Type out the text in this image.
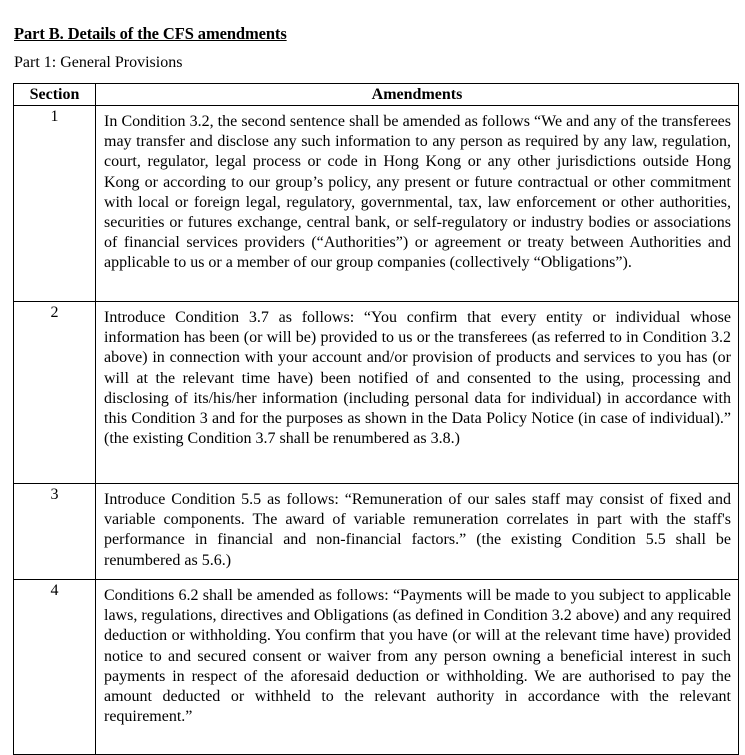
Part B. Details of the CFS amendments
Part 1: General Provisions
Section	Amendments
1	In Condition 3.2, the second sentence shall be amended as follows “We and any of the transferees may transfer and disclose any such information to any person as required by any law, regulation, court, regulator, legal process or code in Hong Kong or any other jurisdictions outside Hong Kong or according to our group’s policy, any present or future contractual or other commitment with local or foreign legal, regulatory, governmental, tax, law enforcement or other authorities, securities or futures exchange, central bank, or self-regulatory or industry bodies or associations of financial services providers (“Authorities”) or agreement or treaty between Authorities and applicable to us or a member of our group companies (collectively “Obligations”).
2	Introduce Condition 3.7 as follows: “You confirm that every entity or individual whose information has been (or will be) provided to us or the transferees (as referred to in Condition 3.2 above) in connection with your account and/or provision of products and services to you has (or will at the relevant time have) been notified of and consented to the using, processing and disclosing of its/his/her information (including personal data for individual) in accordance with this Condition 3 and for the purposes as shown in the Data Policy Notice (in case of individual).” (the existing Condition 3.7 shall be renumbered as 3.8.)
3	Introduce Condition 5.5 as follows: “Remuneration of our sales staff may consist of fixed and variable components. The award of variable remuneration correlates in part with the staff's performance in financial and non-financial factors.” (the existing Condition 5.5 shall be renumbered as 5.6.)
4	Conditions 6.2 shall be amended as follows: “Payments will be made to you subject to applicable laws, regulations, directives and Obligations (as defined in Condition 3.2 above) and any required deduction or withholding. You confirm that you have (or will at the relevant time have) provided notice to and secured consent or waiver from any person owning a beneficial interest in such payments in respect of the aforesaid deduction or withholding. We are authorised to pay the amount deducted or withheld to the relevant authority in accordance with the relevant requirement.”
